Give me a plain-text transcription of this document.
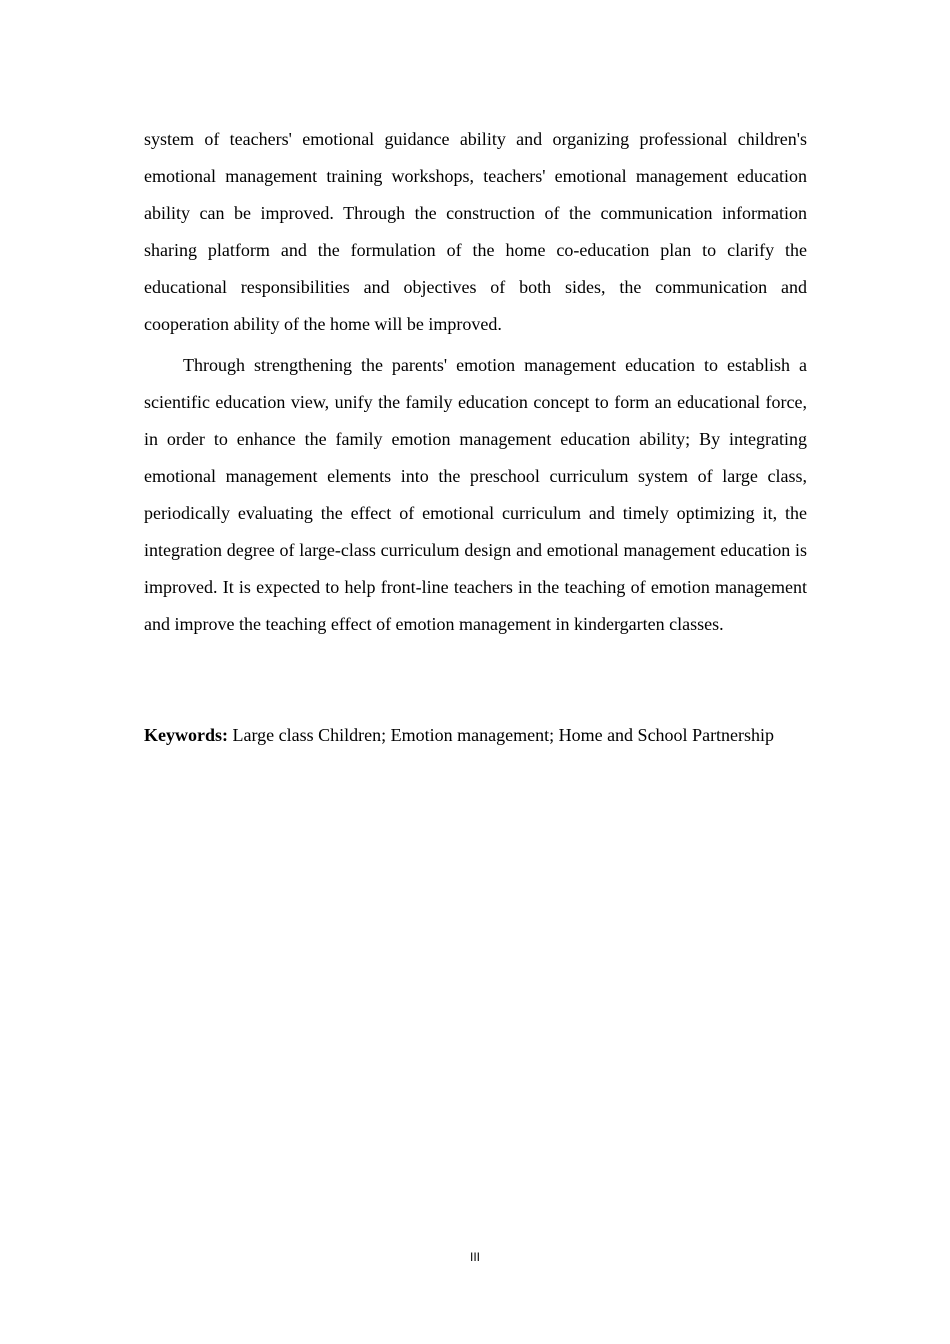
system of teachers' emotional guidance ability and organizing professional children's emotional management training workshops, teachers' emotional management education ability can be improved. Through the construction of the communication information sharing platform and the formulation of the home co-education plan to clarify the educational responsibilities and objectives of both sides, the communication and cooperation ability of the home will be improved.

Through strengthening the parents' emotion management education to establish a scientific education view, unify the family education concept to form an educational force, in order to enhance the family emotion management education ability; By integrating emotional management elements into the preschool curriculum system of large class, periodically evaluating the effect of emotional curriculum and timely optimizing it, the integration degree of large-class curriculum design and emotional management education is improved. It is expected to help front-line teachers in the teaching of emotion management and improve the teaching effect of emotion management in kindergarten classes.

Keywords: Large class Children; Emotion management; Home and School Partnership

III
